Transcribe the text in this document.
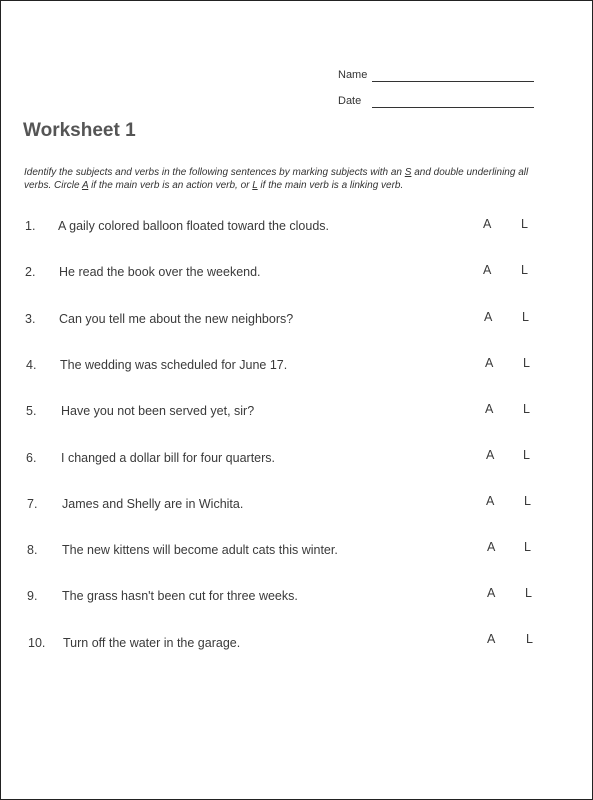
Name
Date
Worksheet 1
Identify the subjects and verbs in the following sentences by marking subjects with an S and double underlining all verbs. Circle A if the main verb is an action verb, or L if the main verb is a linking verb.
1. A gaily colored balloon floated toward the clouds.	A L
2. He read the book over the weekend.	A L
3. Can you tell me about the new neighbors?	A L
4. The wedding was scheduled for June 17.	A L
5. Have you not been served yet, sir?	A L
6. I changed a dollar bill for four quarters.	A L
7. James and Shelly are in Wichita.	A L
8. The new kittens will become adult cats this winter.	A L
9. The grass hasn't been cut for three weeks.	A L
10. Turn off the water in the garage.	A L
